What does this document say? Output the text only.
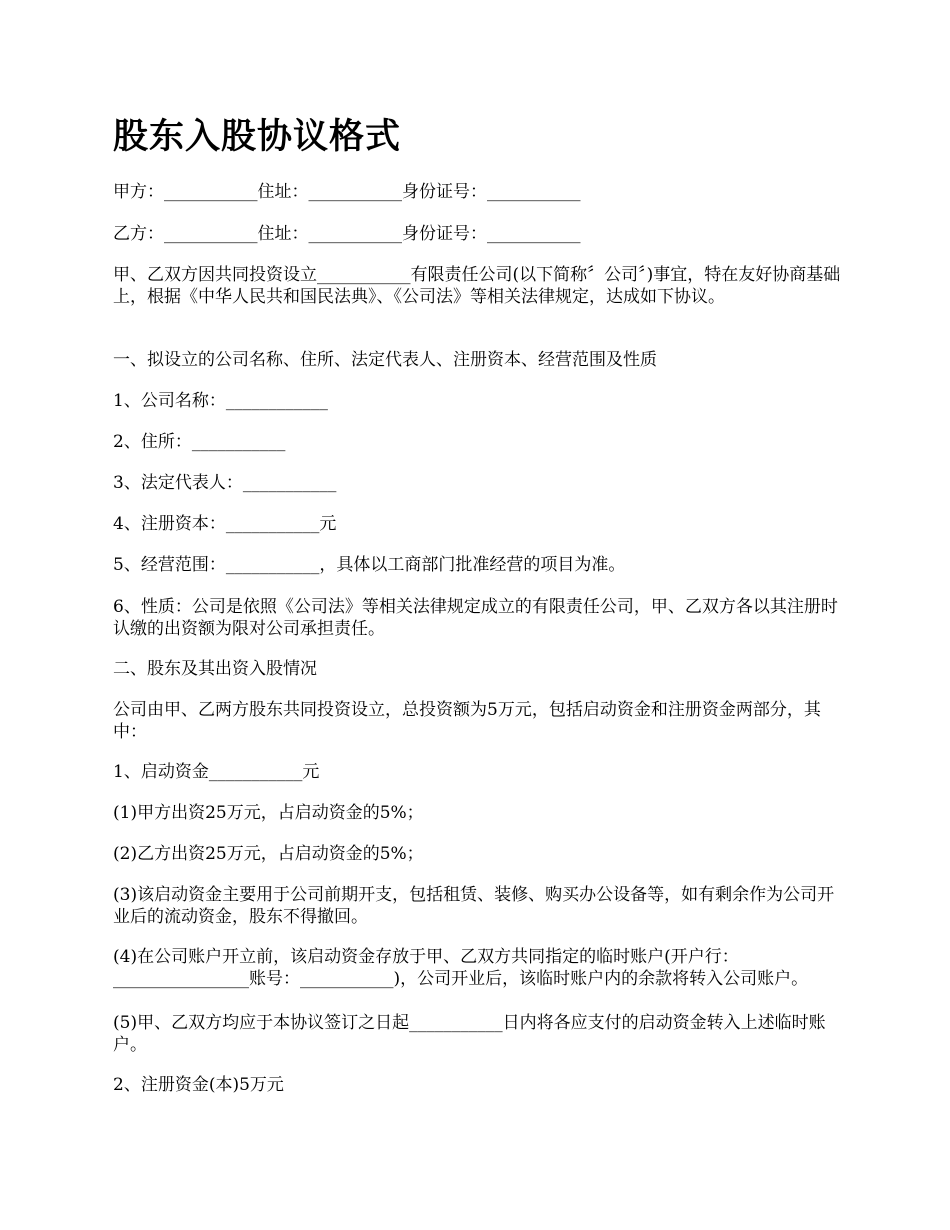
股东入股协议格式

甲方：___________住址：___________身份证号：___________

乙方：___________住址：___________身份证号：___________

甲、乙双方因共同投资设立___________有限责任公司(以下简称〞公司〞)事宜，特在友好协商基础上，根据《中华人民共和国民法典》、《公司法》等相关法律规定，达成如下协议。

一、拟设立的公司名称、住所、法定代表人、注册资本、经营范围及性质

1、公司名称：____________

2、住所：___________

3、法定代表人：___________

4、注册资本：___________元

5、经营范围：___________，具体以工商部门批准经营的项目为准。

6、性质：公司是依照《公司法》等相关法律规定成立的有限责任公司，甲、乙双方各以其注册时认缴的出资额为限对公司承担责任。

二、股东及其出资入股情况

公司由甲、乙两方股东共同投资设立，总投资额为5万元，包括启动资金和注册资金两部分，其中：

1、启动资金___________元

(1)甲方出资25万元，占启动资金的5%；

(2)乙方出资25万元，占启动资金的5%；

(3)该启动资金主要用于公司前期开支，包括租赁、装修、购买办公设备等，如有剩余作为公司开业后的流动资金，股东不得撤回。

(4)在公司账户开立前，该启动资金存放于甲、乙双方共同指定的临时账户(开户行：________________账号：___________)，公司开业后，该临时账户内的余款将转入公司账户。

(5)甲、乙双方均应于本协议签订之日起___________日内将各应支付的启动资金转入上述临时账户。

2、注册资金(本)5万元
